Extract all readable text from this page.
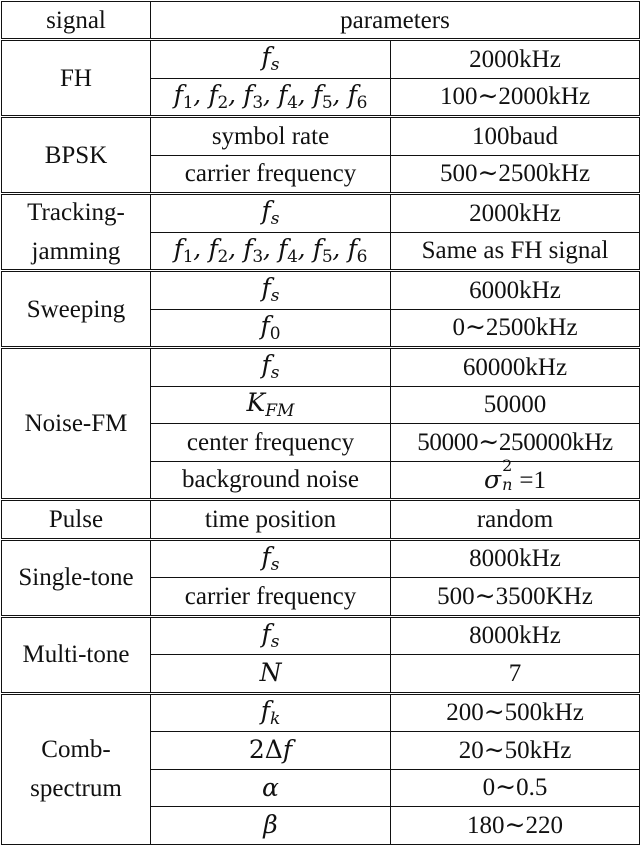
signal	parameters	
FH	$f_s$	2000kHz
	$f_1$, $f_2$, $f_3$, $f_4$, $f_5$, $f_6$	100∼2000kHz
BPSK	symbol rate	100baud
	carrier frequency	500∼2500kHz

Tracking-
jamming	$f_s$	2000kHz
	$f_1$, $f_2$, $f_3$, $f_4$, $f_5$, $f_6$	Same as FH signal
Sweeping	$f_s$	6000kHz
	$f_0$	0∼2500kHz
Noise-FM	$f_s$	60000kHz
	$K_{FM}$	50000
	center frequency	50000∼250000kHz
	background noise	σ 2
n =1
Pulse	time position	random
Single-tone	$f_s$	8000kHz
	carrier frequency	500∼3500KHz
Multi-tone	$f_s$	8000kHz
	N	7

Comb-
spectrum	$f_k$	200∼500kHz
	2Δf	20∼50kHz
	α	0∼0.5
	β	180∼220
